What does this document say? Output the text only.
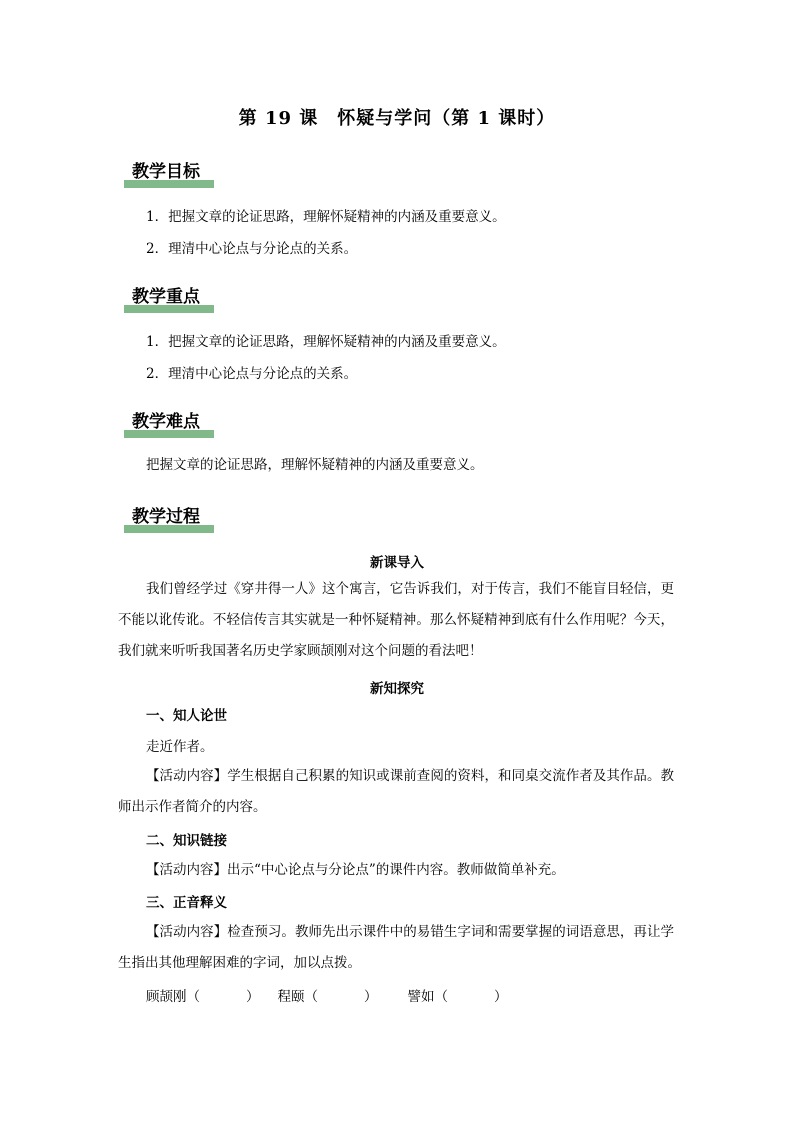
第 19 课　怀疑与学问（第 1 课时）
教学目标
1．把握文章的论证思路，理解怀疑精神的内涵及重要意义。
2．理清中心论点与分论点的关系。
教学重点
1．把握文章的论证思路，理解怀疑精神的内涵及重要意义。
2．理清中心论点与分论点的关系。
教学难点
把握文章的论证思路，理解怀疑精神的内涵及重要意义。
教学过程
新课导入
我们曾经学过《穿井得一人》这个寓言，它告诉我们，对于传言，我们不能盲目轻信，更不能以讹传讹。不轻信传言其实就是一种怀疑精神。那么怀疑精神到底有什么作用呢？今天，我们就来听听我国著名历史学家顾颉刚对这个问题的看法吧！
新知探究
一、知人论世
走近作者。
【活动内容】学生根据自己积累的知识或课前查阅的资料，和同桌交流作者及其作品。教师出示作者简介的内容。
二、知识链接
【活动内容】出示“中心论点与分论点”的课件内容。教师做简单补充。
三、正音释义
【活动内容】检查预习。教师先出示课件中的易错生字词和需要掌握的词语意思，再让学生指出其他理解困难的字词，加以点拨。
顾颉刚（	） 程颐（	） 譬如（	）
